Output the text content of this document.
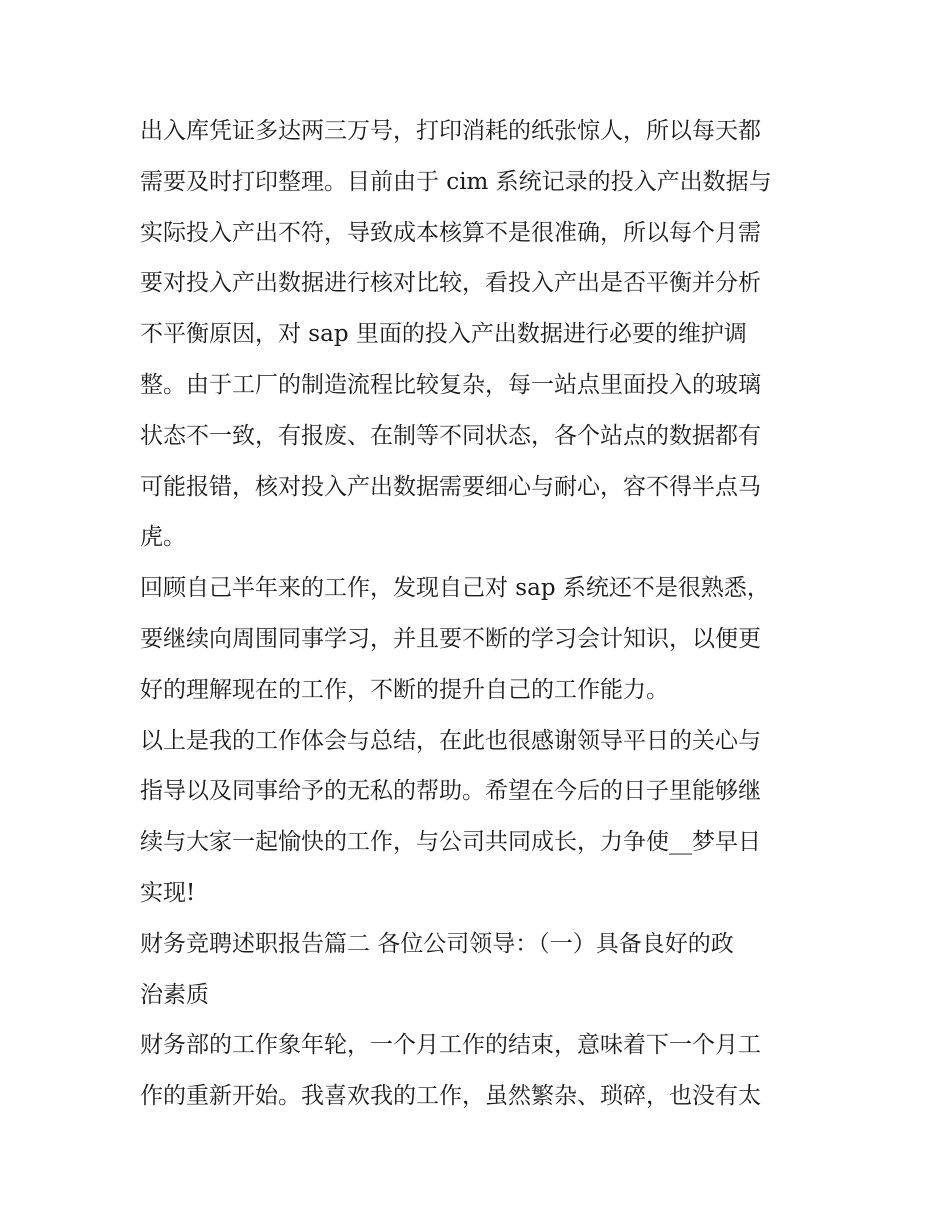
出入库凭证多达两三万号，打印消耗的纸张惊人，所以每天都
需要及时打印整理。目前由于 cim 系统记录的投入产出数据与
实际投入产出不符，导致成本核算不是很准确，所以每个月需
要对投入产出数据进行核对比较，看投入产出是否平衡并分析
不平衡原因，对 sap 里面的投入产出数据进行必要的维护调
整。由于工厂的制造流程比较复杂，每一站点里面投入的玻璃
状态不一致，有报废、在制等不同状态，各个站点的数据都有
可能报错，核对投入产出数据需要细心与耐心，容不得半点马
虎。
回顾自己半年来的工作，发现自己对 sap 系统还不是很熟悉，
要继续向周围同事学习，并且要不断的学习会计知识，以便更
好的理解现在的工作，不断的提升自己的工作能力。
以上是我的工作体会与总结，在此也很感谢领导平日的关心与
指导以及同事给予的无私的帮助。希望在今后的日子里能够继
续与大家一起愉快的工作，与公司共同成长，力争使__梦早日
实现!
财务竞聘述职报告篇二 各位公司领导：（一）具备良好的政
治素质
财务部的工作象年轮，一个月工作的结束，意味着下一个月工
作的重新开始。我喜欢我的工作，虽然繁杂、琐碎，也没有太
